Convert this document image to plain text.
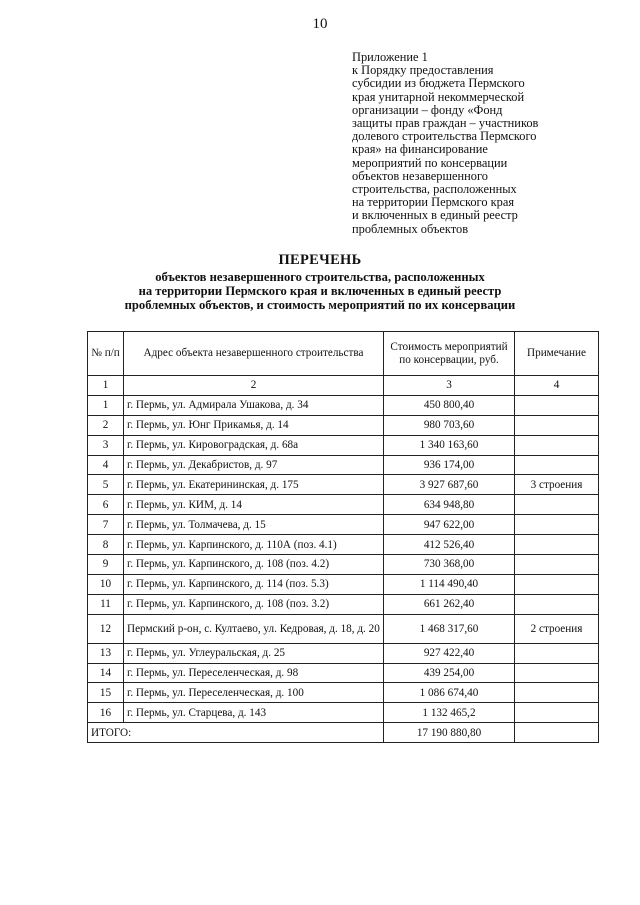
10
Приложение 1
к Порядку предоставления
субсидии из бюджета Пермского
края унитарной некоммерческой
организации – фонду «Фонд
защиты прав граждан – участников
долевого строительства Пермского
края» на финансирование
мероприятий по консервации
объектов незавершенного
строительства, расположенных
на территории Пермского края
и включенных в единый реестр
проблемных объектов
ПЕРЕЧЕНЬ
объектов незавершенного строительства, расположенных
на территории Пермского края и включенных в единый реестр
проблемных объектов, и стоимость мероприятий по их консервации
№ п/п	Адрес объекта незавершенного строительства	Стоимость мероприятий по консервации, руб.	Примечание
1	2	3	4
1	г. Пермь, ул. Адмирала Ушакова, д. 34	450 800,40	
2	г. Пермь, ул. Юнг Прикамья, д. 14	980 703,60	
3	г. Пермь, ул. Кировоградская, д. 68а	1 340 163,60	
4	г. Пермь, ул. Декабристов, д. 97	936 174,00	
5	г. Пермь, ул. Екатерининская, д. 175	3 927 687,60	3 строения
6	г. Пермь, ул. КИМ, д. 14	634 948,80	
7	г. Пермь, ул. Толмачева, д. 15	947 622,00	
8	г. Пермь, ул. Карпинского, д. 110А (поз. 4.1)	412 526,40	
9	г. Пермь, ул. Карпинского, д. 108 (поз. 4.2)	730 368,00	
10	г. Пермь, ул. Карпинского, д. 114 (поз. 5.3)	1 114 490,40	
11	г. Пермь, ул. Карпинского, д. 108 (поз. 3.2)	661 262,40	
12	Пермский р-он, с. Култаево, ул. Кедровая, д. 18, д. 20	1 468 317,60	2 строения
13	г. Пермь, ул. Углеуральская, д. 25	927 422,40	
14	г. Пермь, ул. Переселенческая, д. 98	439 254,00	
15	г. Пермь, ул. Переселенческая, д. 100	1 086 674,40	
16	г. Пермь, ул. Старцева, д. 143	1 132 465,2	
ИТОГО:		17 190 880,80	
